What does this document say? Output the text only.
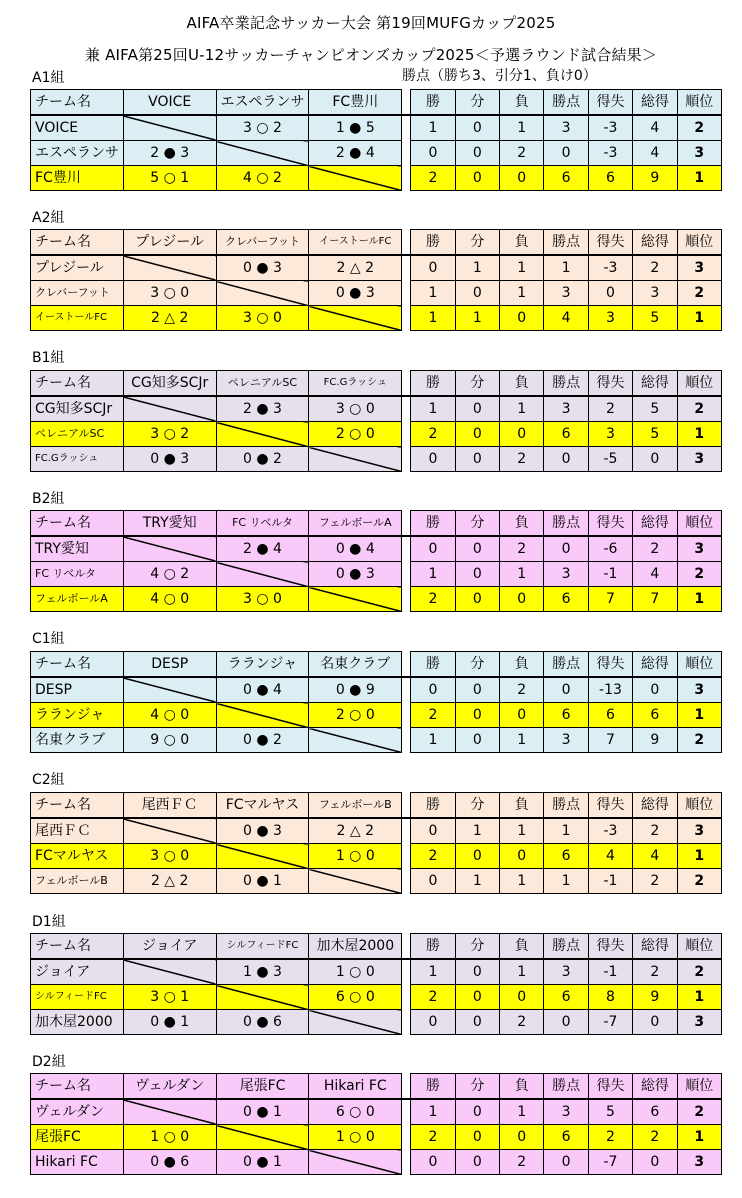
AIFA卒業記念サッカー大会 第19回MUFGカップ2025
兼 AIFA第25回U-12サッカーチャンピオンズカップ2025＜予選ラウンド試合結果＞
勝点（勝ち3、引分1、負け0）
A1組
チーム名	VOICE	エスペランサ	FC豊川		勝	分	負	勝点	得失	総得	順位
VOICE		3 ○ 2	1 ● 5		1	0	1	3	-3	4	2
エスペランサ	2 ● 3		2 ● 4		0	0	2	0	-3	4	3
FC豊川	5 ○ 1	4 ○ 2			2	0	0	6	6	9	1
A2組
チーム名	プレジール	クレバーフット	イーストールFC		勝	分	負	勝点	得失	総得	順位
プレジール		0 ● 3	2 △ 2		0	1	1	1	-3	2	3
クレバーフット	3 ○ 0		0 ● 3		1	0	1	3	0	3	2
イーストールFC	2 △ 2	3 ○ 0			1	1	0	4	3	5	1
B1組
チーム名	CG知多SCJr	ペレニアルSC	FC.Gラッシュ		勝	分	負	勝点	得失	総得	順位
CG知多SCJr		2 ● 3	3 ○ 0		1	0	1	3	2	5	2
ペレニアルSC	3 ○ 2		2 ○ 0		2	0	0	6	3	5	1
FC.Gラッシュ	0 ● 3	0 ● 2			0	0	2	0	-5	0	3
B2組
チーム名	TRY愛知	FC リベルタ	フェルボールA		勝	分	負	勝点	得失	総得	順位
TRY愛知		2 ● 4	0 ● 4		0	0	2	0	-6	2	3
FC リベルタ	4 ○ 2		0 ● 3		1	0	1	3	-1	4	2
フェルボールA	4 ○ 0	3 ○ 0			2	0	0	6	7	7	1
C1組
チーム名	DESP	ラランジャ	名東クラブ		勝	分	負	勝点	得失	総得	順位
DESP		0 ● 4	0 ● 9		0	0	2	0	-13	0	3
ラランジャ	4 ○ 0		2 ○ 0		2	0	0	6	6	6	1
名東クラブ	9 ○ 0	0 ● 2			1	0	1	3	7	9	2
C2組
チーム名	尾西ＦＣ	FCマルヤス	フェルボールB		勝	分	負	勝点	得失	総得	順位
尾西ＦＣ		0 ● 3	2 △ 2		0	1	1	1	-3	2	3
FCマルヤス	3 ○ 0		1 ○ 0		2	0	0	6	4	4	1
フェルボールB	2 △ 2	0 ● 1			0	1	1	1	-1	2	2
D1組
チーム名	ジョイア	シルフィードFC	加木屋2000		勝	分	負	勝点	得失	総得	順位
ジョイア		1 ● 3	1 ○ 0		1	0	1	3	-1	2	2
シルフィードFC	3 ○ 1		6 ○ 0		2	0	0	6	8	9	1
加木屋2000	0 ● 1	0 ● 6			0	0	2	0	-7	0	3
D2組
チーム名	ヴェルダン	尾張FC	Hikari FC		勝	分	負	勝点	得失	総得	順位
ヴェルダン		0 ● 1	6 ○ 0		1	0	1	3	5	6	2
尾張FC	1 ○ 0		1 ○ 0		2	0	0	6	2	2	1
Hikari FC	0 ● 6	0 ● 1			0	0	2	0	-7	0	3
